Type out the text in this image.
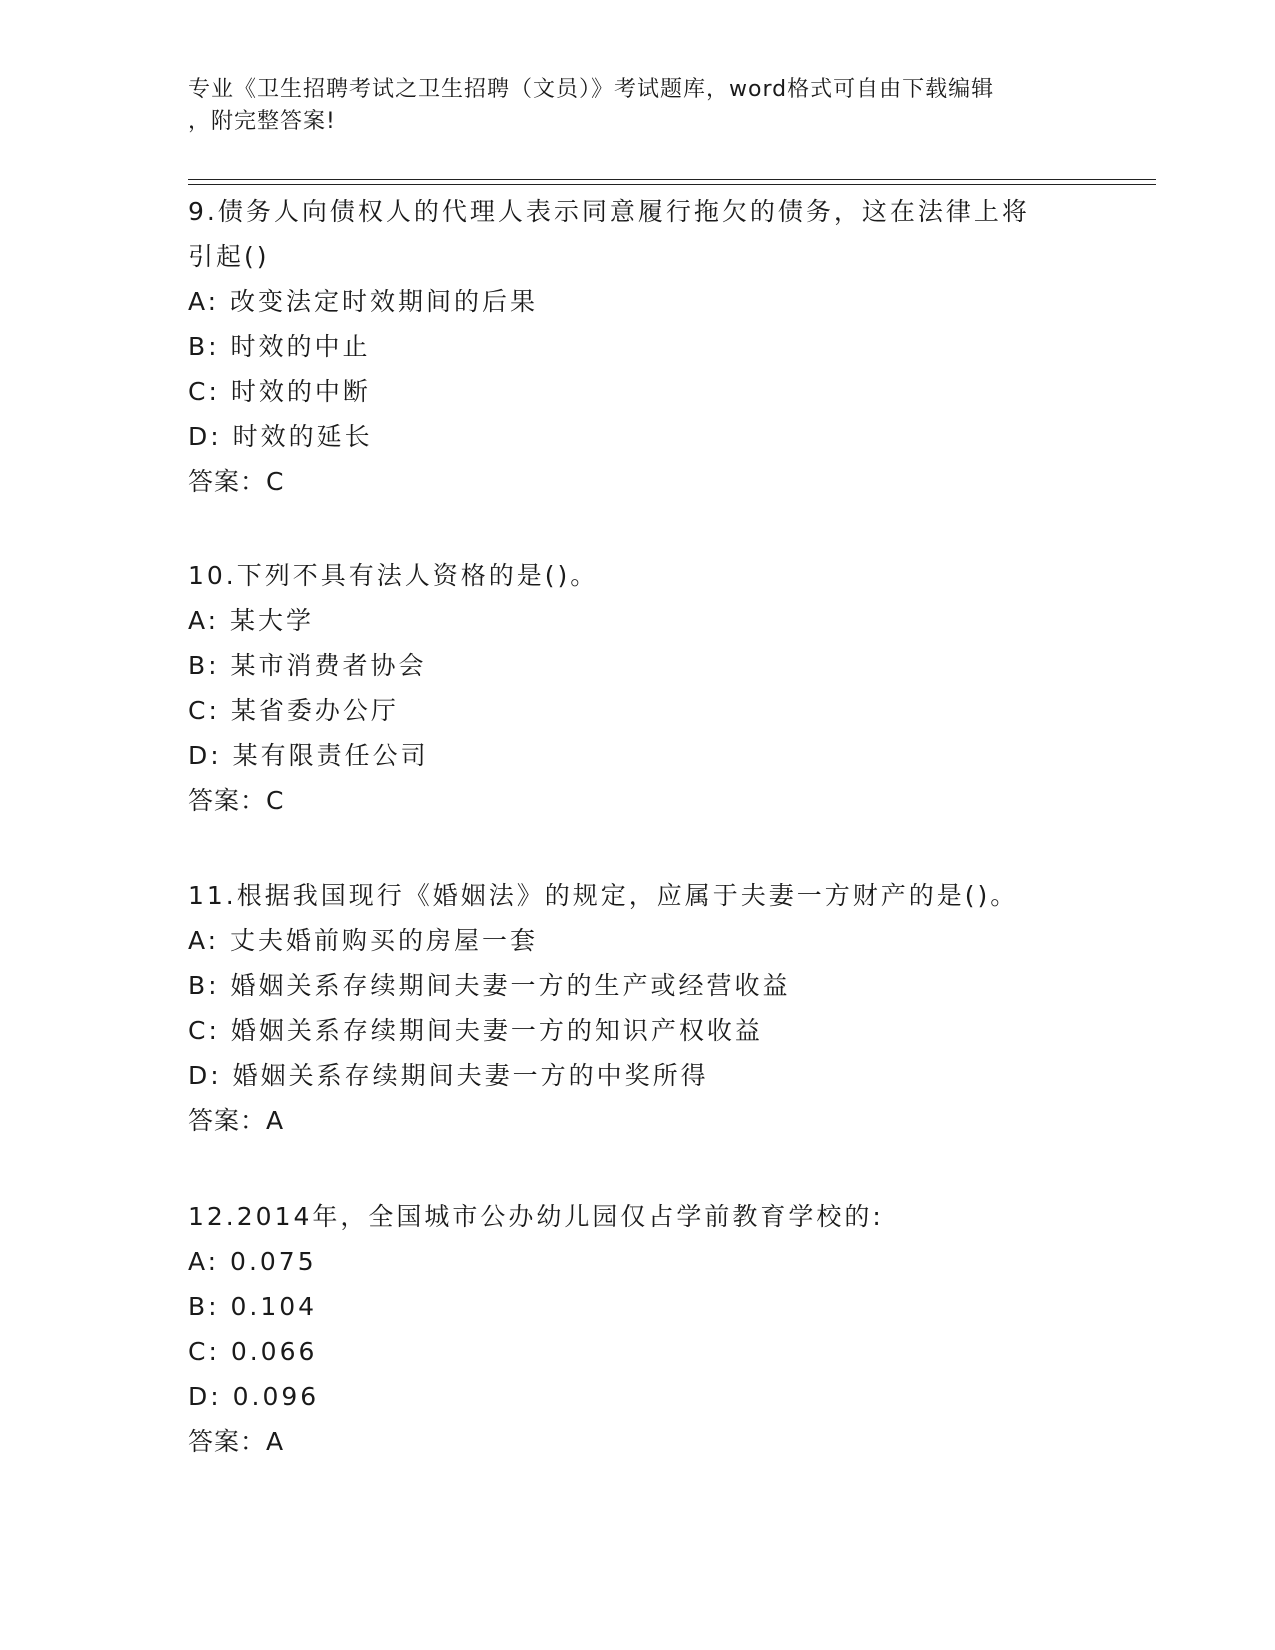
专业《卫生招聘考试之卫生招聘（文员）》考试题库，word格式可自由下载编辑
，附完整答案!
9.债务人向债权人的代理人表示同意履行拖欠的债务，这在法律上将
引起()
A: 改变法定时效期间的后果
B: 时效的中止
C: 时效的中断
D: 时效的延长
答案：C
10.下列不具有法人资格的是()。
A: 某大学
B: 某市消费者协会
C: 某省委办公厅
D: 某有限责任公司
答案：C
11.根据我国现行《婚姻法》的规定，应属于夫妻一方财产的是()。
A: 丈夫婚前购买的房屋一套
B: 婚姻关系存续期间夫妻一方的生产或经营收益
C: 婚姻关系存续期间夫妻一方的知识产权收益
D: 婚姻关系存续期间夫妻一方的中奖所得
答案：A
12.2014年，全国城市公办幼儿园仅占学前教育学校的:
A: 0.075
B: 0.104
C: 0.066
D: 0.096
答案：A
